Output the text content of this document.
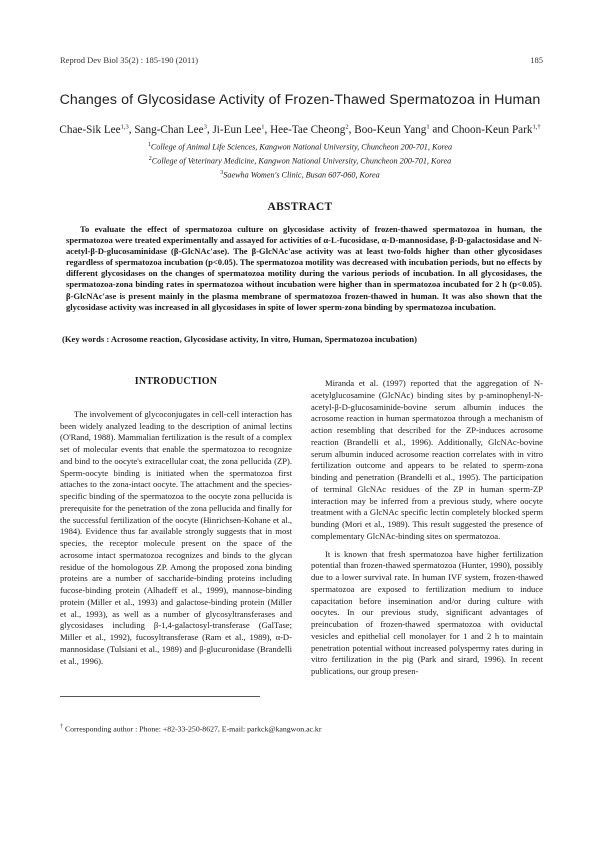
Reprod Dev Biol 35(2) : 185-190 (2011)	185
Changes of Glycosidase Activity of Frozen-Thawed Spermatozoa in Human
Chae-Sik Lee$^{1,3}$, Sang-Chan Lee$^3$, Ji-Eun Lee$^1$, Hee-Tae Cheong$^2$, Boo-Keun Yang$^1$ and Choon-Keun Park$^{1,\dagger}$
$^1$College of Animal Life Sciences, Kangwon National University, Chuncheon 200-701, Korea
$^2$College of Veterinary Medicine, Kangwon National University, Chuncheon 200-701, Korea
$^3$Saewha Women's Clinic, Busan 607-060, Korea
ABSTRACT

To evaluate the effect of spermatozoa culture on glycosidase activity of frozen-thawed spermatozoa in human, the spermatozoa were treated experimentally and assayed for activities of α-L-fucosidase, α-D-mannosidase, β-D-galactosidase and N-acetyl-β-D-glucosaminidase (β-GlcNAc'ase). The β-GlcNAc'ase activity was at least two-folds higher than other glycosidases regardless of spermatozoa incubation (p<0.05). The spermatozoa motility was decreased with incubation periods, but no effects by different glycosidases on the changes of spermatozoa motility during the various periods of incubation. In all glycosidases, the spermatozoa-zona binding rates in spermatozoa without incubation were higher than in spermatozoa incubated for 2 h (p<0.05). β-GlcNAc'ase is present mainly in the plasma membrane of spermatozoa frozen-thawed in human. It was also shown that the glycosidase activity was increased in all glycosidases in spite of lower sperm-zona binding by spermatozoa incubation.

(Key words : Acrosome reaction, Glycosidase activity, In vitro, Human, Spermatozoa incubation)

INTRODUCTION

The involvement of glycoconjugates in cell-cell interaction has been widely analyzed leading to the description of animal lectins (O'Rand, 1988). Mammalian fertilization is the result of a complex set of molecular events that enable the spermatozoa to recognize and bind to the oocyte's extracellular coat, the zona pellucida (ZP). Sperm-oocyte binding is initiated when the spermatozoa first attaches to the zona-intact oocyte. The attachment and the species-specific binding of the spermatozoa to the oocyte zona pellucida is prerequisite for the penetration of the zona pellucida and finally for the successful fertilization of the oocyte (Hinrichsen-Kohane et al., 1984). Evidence thus far available strongly suggests that in most species, the receptor molecule present on the space of the acrosome intact spermatozoa recognizes and binds to the glycan residue of the homologous ZP. Among the proposed zona binding proteins are a number of saccharide-binding proteins including fucose-binding protein (Alhadeff et al., 1999), mannose-binding protein (Miller et al., 1993) and galactose-binding protein (Miller et al., 1993), as well as a number of glycosyltransferases and glycosidases including β-1,4-galactosyl-transferase (GalTase; Miller et al., 1992), fucosyltransferase (Ram et al., 1989), α-D-mannosidase (Tulsiani et al., 1989) and β-glucuronidase (Brandelli et al., 1996).

Miranda et al. (1997) reported that the aggregation of N-acetylglucosamine (GlcNAc) binding sites by p-aminophenyl-N-acetyl-β-D-glucosaminide-bovine serum albumin induces the acrosome reaction in human spermatozoa through a mechanism of action resembling that described for the ZP-induces acrosome reaction (Brandelli et al., 1996). Additionally, GlcNAc-bovine serum albumin induced acrosome reaction correlates with in vitro fertilization outcome and appears to be related to sperm-zona binding and penetration (Brandelli et al., 1995). The participation of terminal GlcNAc residues of the ZP in human sperm-ZP interaction may be inferred from a previous study, where oocyte treatment with a GlcNAc specific lectin completely blocked sperm bunding (Mori et al., 1989). This result suggested the presence of complementary GlcNAc-binding sites on spermatozoa.

It is known that fresh spermatozoa have higher fertilization potential than frozen-thawed spermatozoa (Hunter, 1990), possibly due to a lower survival rate. In human IVF system, frozen-thawed spermatozoa are exposed to fertilization medium to induce capacitation before insemination and/or during culture with oocytes. In our previous study, significant advantages of preincubation of frozen-thawed spermatozoa with oviductal vesicles and epithelial cell monolayer for 1 and 2 h to maintain penetration potential without increased polyspermy rates during in vitro fertilization in the pig (Park and sirard, 1996). In recent publications, our group presen-

† Corresponding author : Phone: +82-33-250-8627, E-mail: parkck@kangwon.ac.kr
